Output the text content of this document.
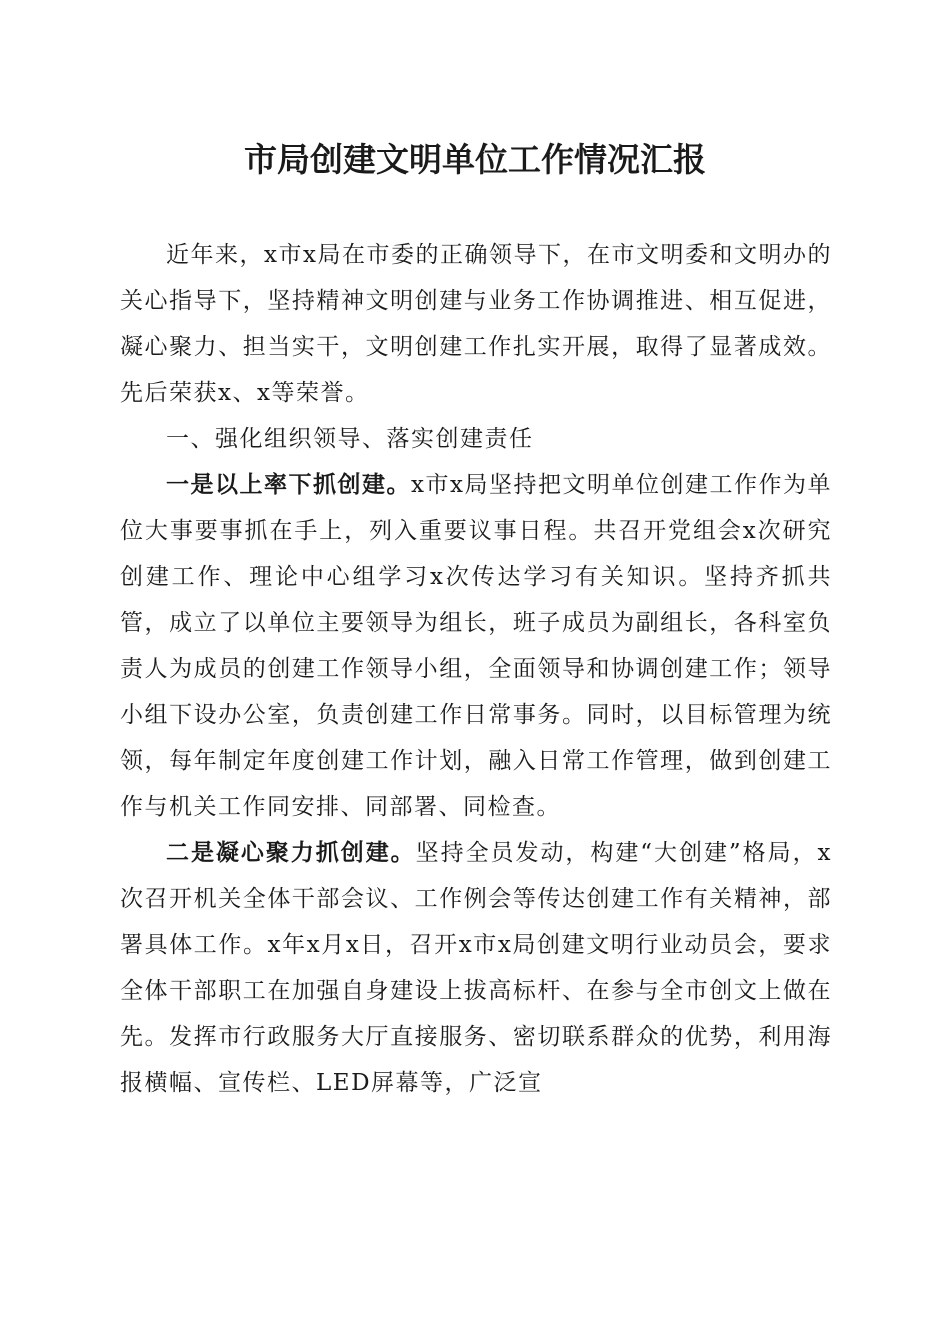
市局创建文明单位工作情况汇报

近年来，x市x局在市委的正确领导下，在市文明委和文明办的关心指导下，坚持精神文明创建与业务工作协调推进、相互促进，凝心聚力、担当实干，文明创建工作扎实开展，取得了显著成效。先后荣获x、x等荣誉。

一、强化组织领导、落实创建责任

一是以上率下抓创建。x市x局坚持把文明单位创建工作作为单位大事要事抓在手上，列入重要议事日程。共召开党组会x次研究创建工作、理论中心组学习x次传达学习有关知识。坚持齐抓共管，成立了以单位主要领导为组长，班子成员为副组长，各科室负责人为成员的创建工作领导小组，全面领导和协调创建工作；领导小组下设办公室，负责创建工作日常事务。同时，以目标管理为统领，每年制定年度创建工作计划，融入日常工作管理，做到创建工作与机关工作同安排、同部署、同检查。

二是凝心聚力抓创建。坚持全员发动，构建“大创建”格局，x次召开机关全体干部会议、工作例会等传达创建工作有关精神，部署具体工作。x年x月x日，召开x市x局创建文明行业动员会，要求全体干部职工在加强自身建设上拔高标杆、在参与全市创文上做在先。发挥市行政服务大厅直接服务、密切联系群众的优势，利用海报横幅、宣传栏、LED屏幕等，广泛宣
